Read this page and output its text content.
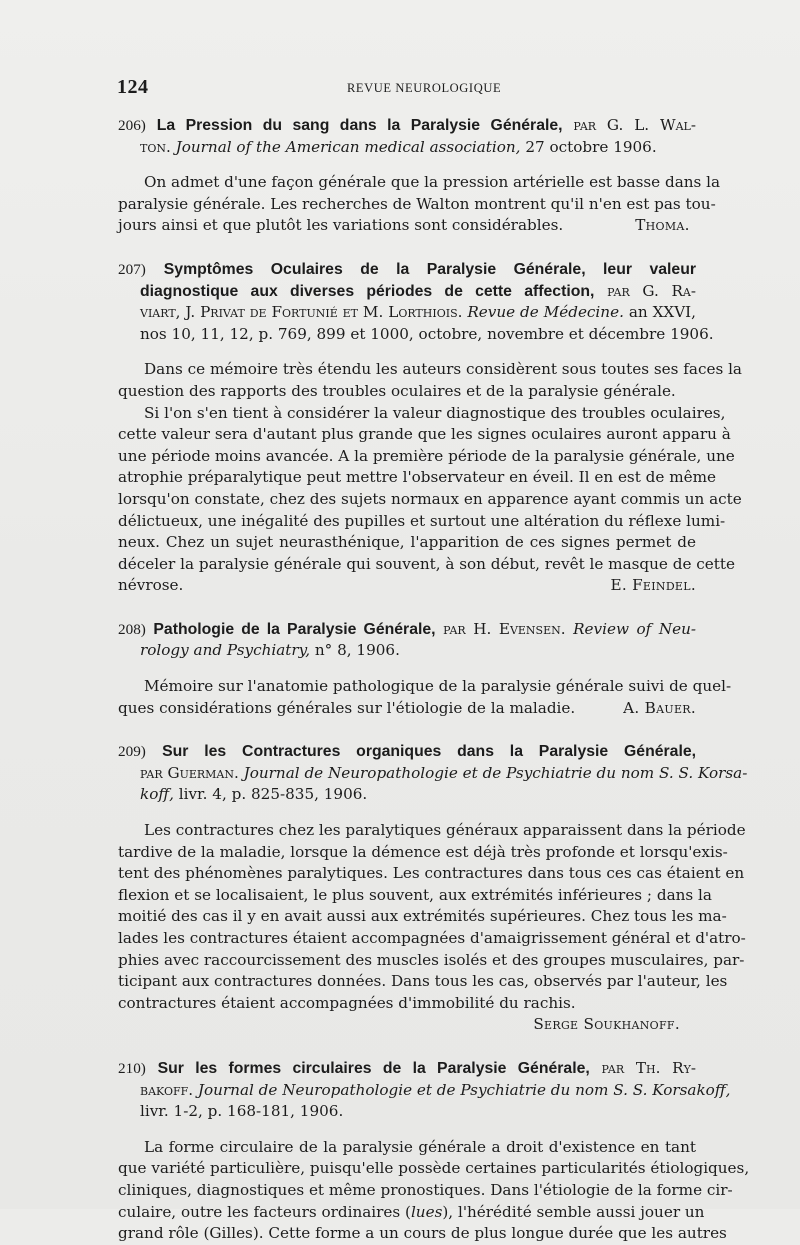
124	REVUE NEUROLOGIQUE
206) La Pression du sang dans la Paralysie Générale, par G. L. Wal-
ton. Journal of the American medical association, 27 octobre 1906.
On admet d'une façon générale que la pression artérielle est basse dans la
paralysie générale. Les recherches de Walton montrent qu'il n'en est pas tou-
jours ainsi et que plutôt les variations sont considérables.	Thoma.
207) Symptômes Oculaires de la Paralysie Générale, leur valeur
diagnostique aux diverses périodes de cette affection, par G. Ra-
viart, J. Privat de Fortunié et M. Lorthiois. Revue de Médecine. an XXVI,
nos 10, 11, 12, p. 769, 899 et 1000, octobre, novembre et décembre 1906.
Dans ce mémoire très étendu les auteurs considèrent sous toutes ses faces la
question des rapports des troubles oculaires et de la paralysie générale.
Si l'on s'en tient à considérer la valeur diagnostique des troubles oculaires,
cette valeur sera d'autant plus grande que les signes oculaires auront apparu à
une période moins avancée. A la première période de la paralysie générale, une
atrophie préparalytique peut mettre l'observateur en éveil. Il en est de même
lorsqu'on constate, chez des sujets normaux en apparence ayant commis un acte
délictueux, une inégalité des pupilles et surtout une altération du réflexe lumi-
neux. Chez un sujet neurasthénique, l'apparition de ces signes permet de
déceler la paralysie générale qui souvent, à son début, revêt le masque de cette
névrose.	E. Feindel.
208) Pathologie de la Paralysie Générale, par H. Evensen. Review of Neu-
rology and Psychiatry, n° 8, 1906.
Mémoire sur l'anatomie pathologique de la paralysie générale suivi de quel-
ques considérations générales sur l'étiologie de la maladie.	A. Bauer.
209) Sur les Contractures organiques dans la Paralysie Générale,
par Guerman. Journal de Neuropathologie et de Psychiatrie du nom S. S. Korsa-
koff, livr. 4, p. 825-835, 1906.
Les contractures chez les paralytiques généraux apparaissent dans la période
tardive de la maladie, lorsque la démence est déjà très profonde et lorsqu'exis-
tent des phénomènes paralytiques. Les contractures dans tous ces cas étaient en
flexion et se localisaient, le plus souvent, aux extrémités inférieures ; dans la
moitié des cas il y en avait aussi aux extrémités supérieures. Chez tous les ma-
lades les contractures étaient accompagnées d'amaigrissement général et d'atro-
phies avec raccourcissement des muscles isolés et des groupes musculaires, par-
ticipant aux contractures données. Dans tous les cas, observés par l'auteur, les
contractures étaient accompagnées d'immobilité du rachis.
Serge Soukhanoff.
210) Sur les formes circulaires de la Paralysie Générale, par Th. Ry-
bakoff. Journal de Neuropathologie et de Psychiatrie du nom S. S. Korsakoff,
livr. 1-2, p. 168-181, 1906.
La forme circulaire de la paralysie générale a droit d'existence en tant
que variété particulière, puisqu'elle possède certaines particularités étiologiques,
cliniques, diagnostiques et même pronostiques. Dans l'étiologie de la forme cir-
culaire, outre les facteurs ordinaires (lues), l'hérédité semble aussi jouer un
grand rôle (Gilles). Cette forme a un cours de plus longue durée que les autres
